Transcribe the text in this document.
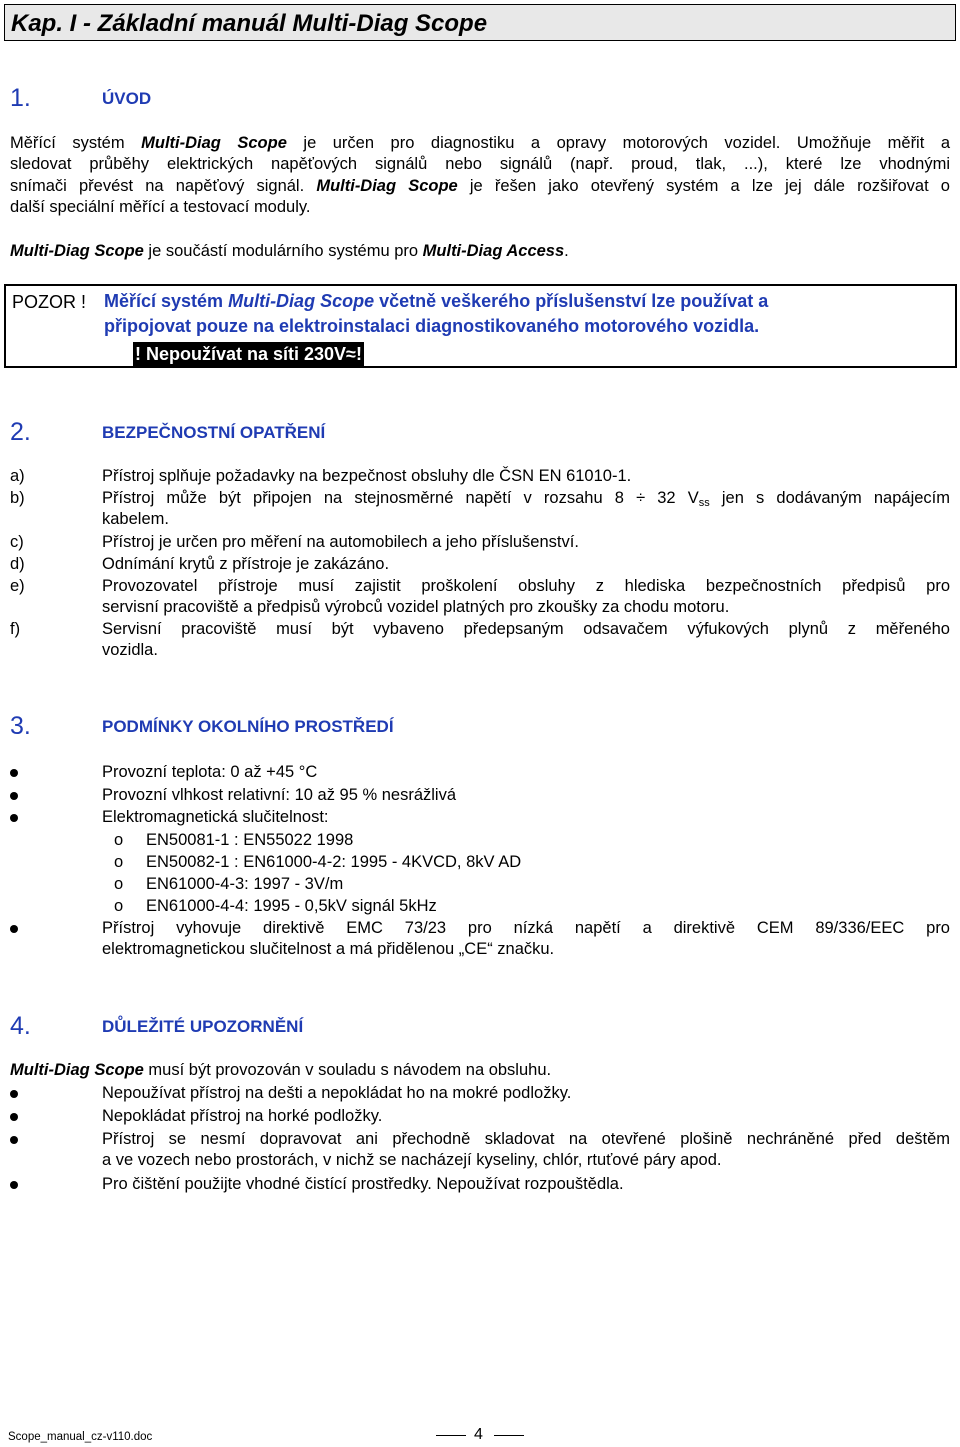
Kap. I - Základní manuál Multi-Diag Scope
1.	ÚVOD
Měřící systém Multi-Diag Scope je určen pro diagnostiku a opravy motorových vozidel. Umožňuje měřit a
sledovat průběhy elektrických napěťových signálů nebo signálů (např. proud, tlak, ...), které lze vhodnými
snímači převést na napěťový signál. Multi-Diag Scope je řešen jako otevřený systém a lze jej dále rozšiřovat o
další speciální měřící a testovací moduly.
Multi-Diag Scope je součástí modulárního systému pro Multi-Diag Access.
POZOR ! Měřící systém Multi-Diag Scope včetně veškerého příslušenství lze používat a
připojovat pouze na elektroinstalaci diagnostikovaného motorového vozidla.
! Nepoužívat na síti 230V≈!
2.	BEZPEČNOSTNÍ OPATŘENÍ
a)	Přístroj splňuje požadavky na bezpečnost obsluhy dle ČSN EN 61010-1.
b)	Přístroj může být připojen na stejnosměrné napětí v rozsahu 8 ÷ 32 $V_{ss}$ jen s dodávaným napájecím
kabelem.
c)	Přístroj je určen pro měření na automobilech a jeho příslušenství.
d)	Odnímání krytů z přístroje je zakázáno.
e)	Provozovatel přístroje musí zajistit proškolení obsluhy z hlediska bezpečnostních předpisů pro
servisní pracoviště a předpisů výrobců vozidel platných pro zkoušky za chodu motoru.
f)	Servisní pracoviště musí být vybaveno předepsaným odsavačem výfukových plynů z měřeného
vozidla.
3.	PODMÍNKY OKOLNÍHO PROSTŘEDÍ
Provozní teplota: 0 až +45 °C
Provozní vlhkost relativní: 10 až 95 % nesrážlivá
Elektromagnetická slučitelnost:
o EN50081-1 : EN55022 1998
o EN50082-1 : EN61000-4-2: 1995 - 4KVCD, 8kV AD
o EN61000-4-3: 1997 - 3V/m
o EN61000-4-4: 1995 - 0,5kV signál 5kHz
Přístroj vyhovuje direktivě EMC 73/23 pro nízká napětí a direktivě CEM 89/336/EEC pro
elektromagnetickou slučitelnost a má přidělenou „CE“ značku.
4.	DŮLEŽITÉ UPOZORNĚNÍ
Multi-Diag Scope musí být provozován v souladu s návodem na obsluhu.
Nepoužívat přístroj na dešti a nepokládat ho na mokré podložky.
Nepokládat přístroj na horké podložky.
Přístroj se nesmí dopravovat ani přechodně skladovat na otevřené plošině nechráněné před deštěm
a ve vozech nebo prostorách, v nichž se nacházejí kyseliny, chlór, rtuťové páry apod.
Pro čištění použijte vhodné čistící prostředky. Nepoužívat rozpouštědla.
Scope_manual_cz-v110.doc	4
